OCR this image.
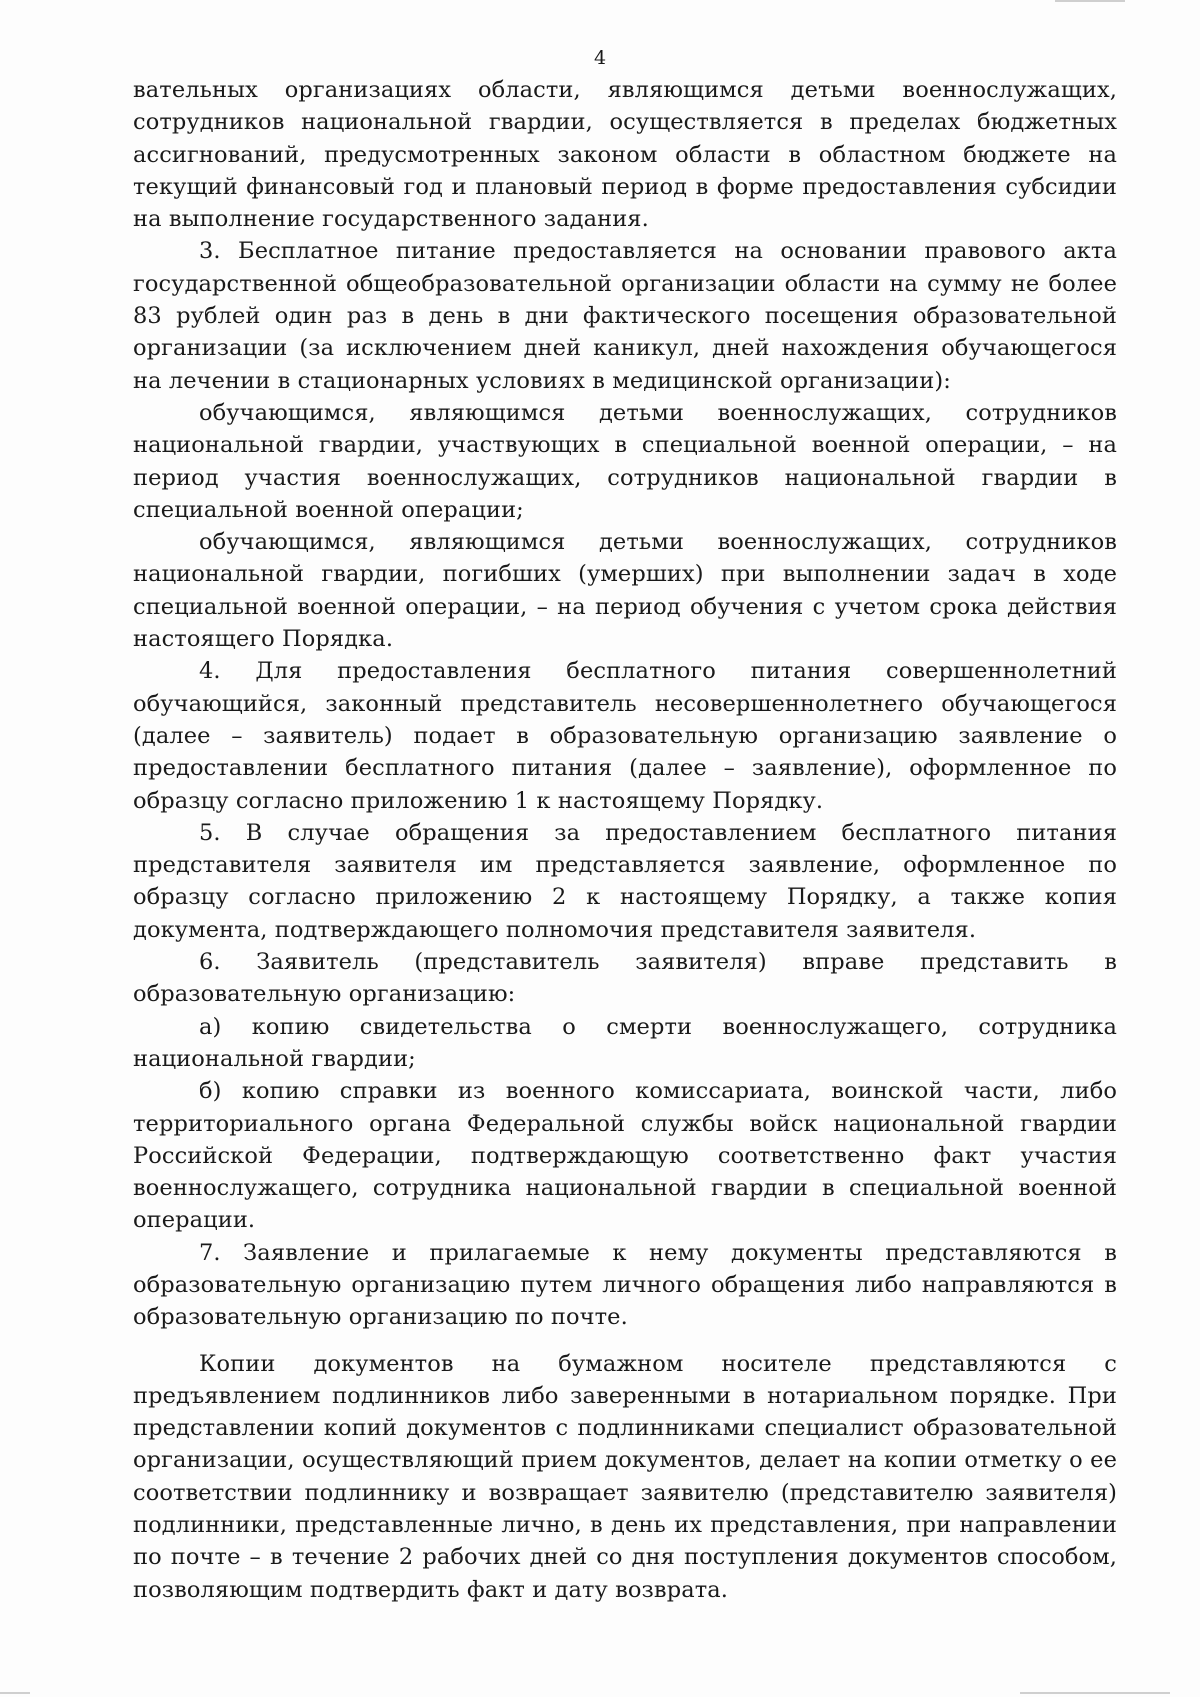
4

вательных организациях области, являющимся детьми военнослужащих, сотрудников национальной гвардии, осуществляется в пределах бюджетных ассигнований, предусмотренных законом области в областном бюджете на текущий финансовый год и плановый период в форме предоставления субсидии на выполнение государственного задания.

3. Бесплатное питание предоставляется на основании правового акта государственной общеобразовательной организации области на сумму не более 83 рублей один раз в день в дни фактического посещения образовательной организации (за исключением дней каникул, дней нахождения обучающегося на лечении в стационарных условиях в медицинской организации):

обучающимся, являющимся детьми военнослужащих, сотрудников национальной гвардии, участвующих в специальной военной операции, – на период участия военнослужащих, сотрудников национальной гвардии в специальной военной операции;

обучающимся, являющимся детьми военнослужащих, сотрудников национальной гвардии, погибших (умерших) при выполнении задач в ходе специальной военной операции, – на период обучения с учетом срока действия настоящего Порядка.

4. Для предоставления бесплатного питания совершеннолетний обучающийся, законный представитель несовершеннолетнего обучающегося (далее – заявитель) подает в образовательную организацию заявление о предоставлении бесплатного питания (далее – заявление), оформленное по образцу согласно приложению 1 к настоящему Порядку.

5. В случае обращения за предоставлением бесплатного питания представителя заявителя им представляется заявление, оформленное по образцу согласно приложению 2 к настоящему Порядку, а также копия документа, подтверждающего полномочия представителя заявителя.

6. Заявитель (представитель заявителя) вправе представить в образовательную организацию:

а) копию свидетельства о смерти военнослужащего, сотрудника национальной гвардии;

б) копию справки из военного комиссариата, воинской части, либо территориального органа Федеральной службы войск национальной гвардии Российской Федерации, подтверждающую соответственно факт участия военнослужащего, сотрудника национальной гвардии в специальной военной операции.

7. Заявление и прилагаемые к нему документы представляются в образовательную организацию путем личного обращения либо направляются в образовательную организацию по почте.

Копии документов на бумажном носителе представляются с предъявлением подлинников либо заверенными в нотариальном порядке. При представлении копий документов с подлинниками специалист образовательной организации, осуществляющий прием документов, делает на копии отметку о ее соответствии подлиннику и возвращает заявителю (представителю заявителя) подлинники, представленные лично, в день их представления, при направлении по почте – в течение 2 рабочих дней со дня поступления документов способом, позволяющим подтвердить факт и дату возврата.
